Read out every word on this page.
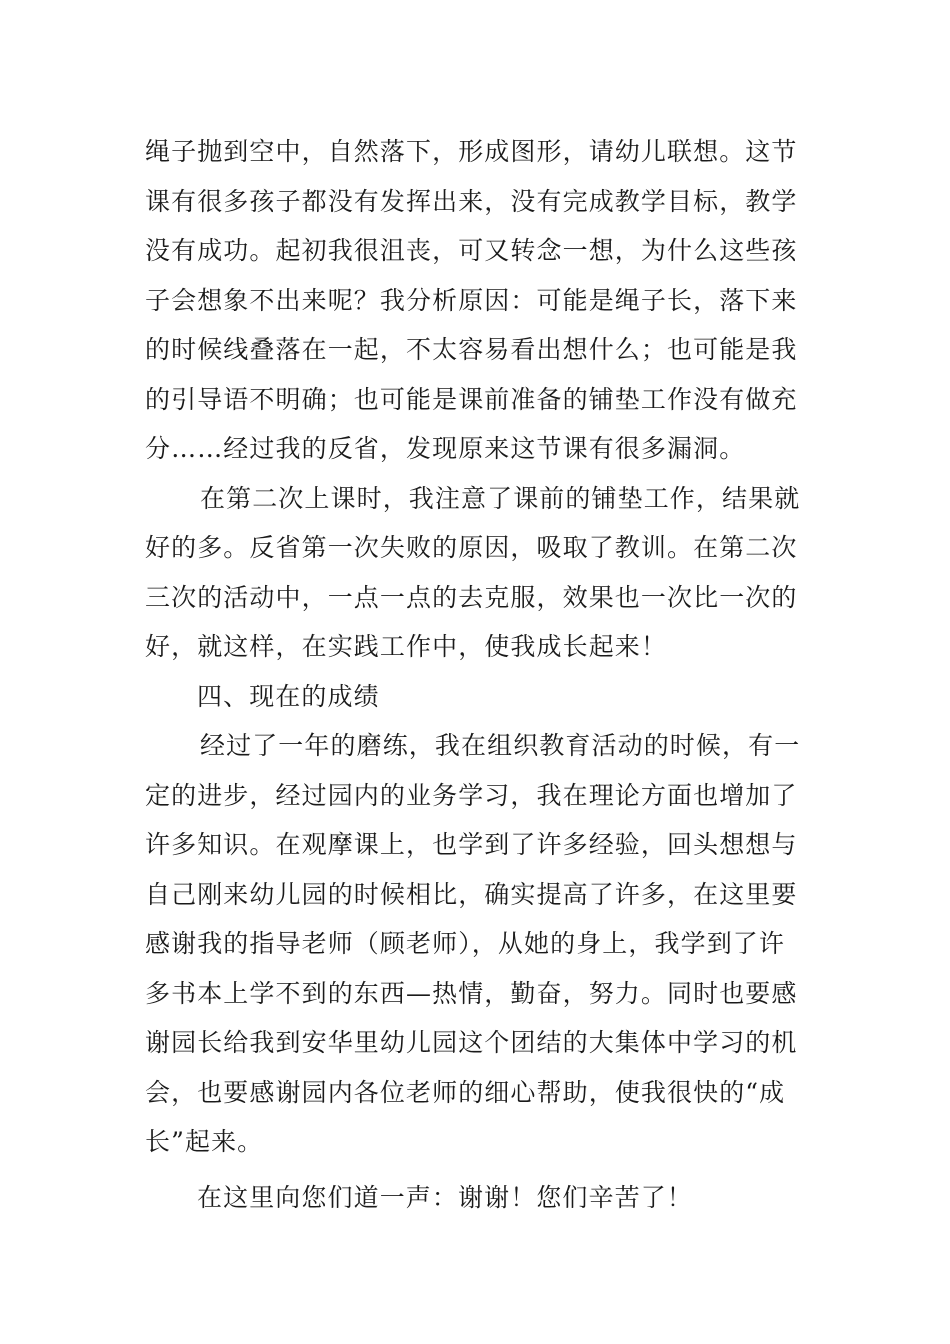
绳子抛到空中，自然落下，形成图形，请幼儿联想。这节
课有很多孩子都没有发挥出来，没有完成教学目标，教学
没有成功。起初我很沮丧，可又转念一想，为什么这些孩
子会想象不出来呢？我分析原因：可能是绳子长，落下来
的时候线叠落在一起，不太容易看出想什么；也可能是我
的引导语不明确；也可能是课前准备的铺垫工作没有做充
分……经过我的反省，发现原来这节课有很多漏洞。
在第二次上课时，我注意了课前的铺垫工作，结果就
好的多。反省第一次失败的原因，吸取了教训。在第二次
三次的活动中，一点一点的去克服，效果也一次比一次的
好，就这样，在实践工作中，使我成长起来！
四、现在的成绩
经过了一年的磨练，我在组织教育活动的时候，有一
定的进步，经过园内的业务学习，我在理论方面也增加了
许多知识。在观摩课上，也学到了许多经验，回头想想与
自己刚来幼儿园的时候相比，确实提高了许多，在这里要
感谢我的指导老师（顾老师），从她的身上，我学到了许
多书本上学不到的东西—热情，勤奋，努力。同时也要感
谢园长给我到安华里幼儿园这个团结的大集体中学习的机
会，也要感谢园内各位老师的细心帮助，使我很快的“成
长”起来。
在这里向您们道一声：谢谢！您们辛苦了！
